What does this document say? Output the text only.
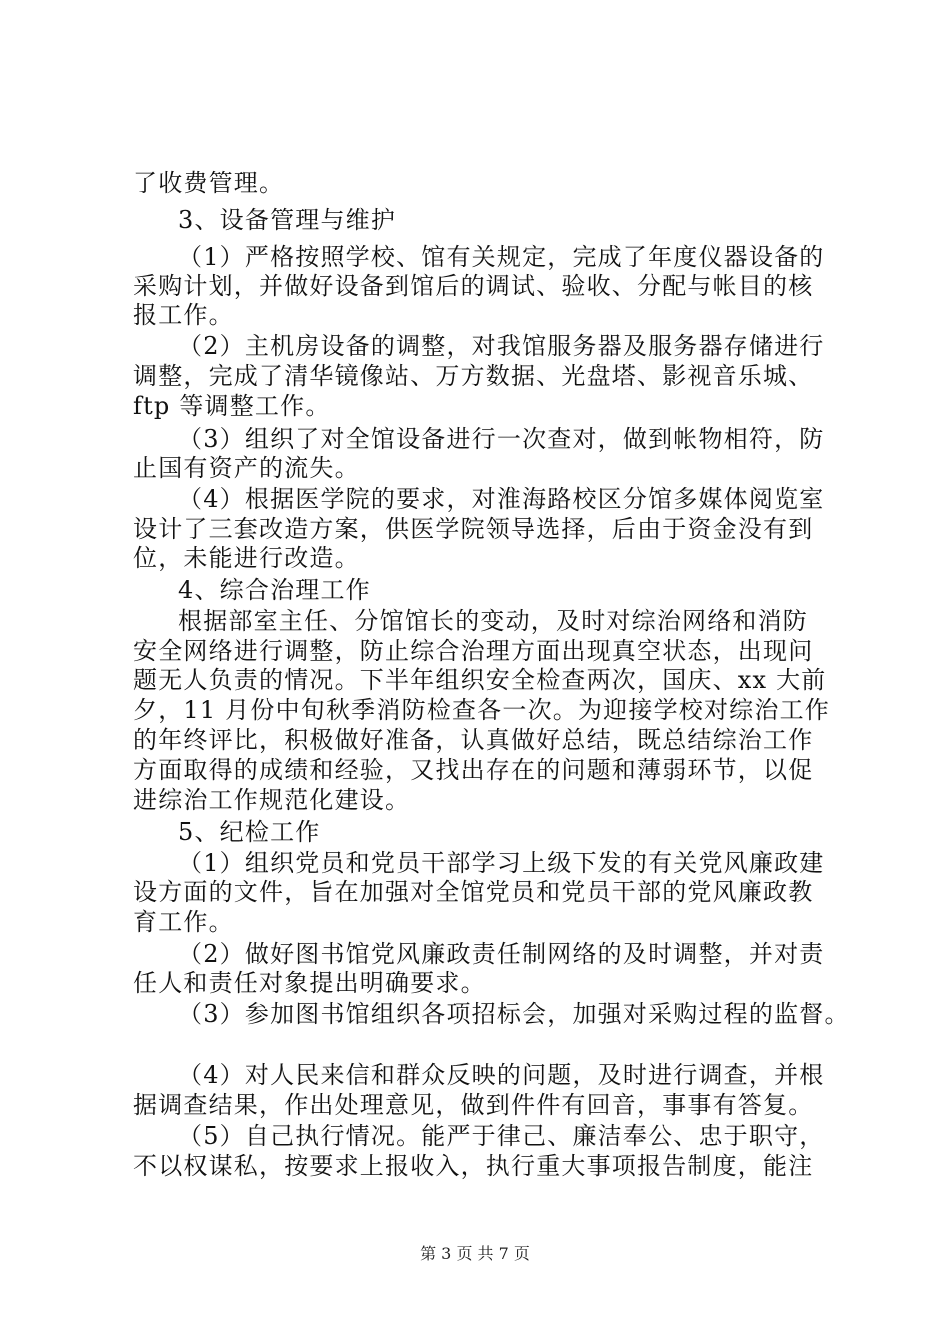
了收费管理。
3、设备管理与维护
（1）严格按照学校、馆有关规定，完成了年度仪器设备的
采购计划，并做好设备到馆后的调试、验收、分配与帐目的核
报工作。
（2）主机房设备的调整，对我馆服务器及服务器存储进行
调整，完成了清华镜像站、万方数据、光盘塔、影视音乐城、
ftp 等调整工作。
（3）组织了对全馆设备进行一次查对，做到帐物相符，防
止国有资产的流失。
（4）根据医学院的要求，对淮海路校区分馆多媒体阅览室
设计了三套改造方案，供医学院领导选择，后由于资金没有到
位，未能进行改造。
4、综合治理工作
根据部室主任、分馆馆长的变动，及时对综治网络和消防
安全网络进行调整，防止综合治理方面出现真空状态，出现问
题无人负责的情况。下半年组织安全检查两次，国庆、xx 大前
夕，11 月份中旬秋季消防检查各一次。为迎接学校对综治工作
的年终评比，积极做好准备，认真做好总结，既总结综治工作
方面取得的成绩和经验，又找出存在的问题和薄弱环节，以促
进综治工作规范化建设。
5、纪检工作
（1）组织党员和党员干部学习上级下发的有关党风廉政建
设方面的文件，旨在加强对全馆党员和党员干部的党风廉政教
育工作。
（2）做好图书馆党风廉政责任制网络的及时调整，并对责
任人和责任对象提出明确要求。
（3）参加图书馆组织各项招标会，加强对采购过程的监督。
（4）对人民来信和群众反映的问题，及时进行调查，并根
据调查结果，作出处理意见，做到件件有回音，事事有答复。
（5）自己执行情况。能严于律己、廉洁奉公、忠于职守，
不以权谋私，按要求上报收入，执行重大事项报告制度，能注
第 3 页 共 7 页
